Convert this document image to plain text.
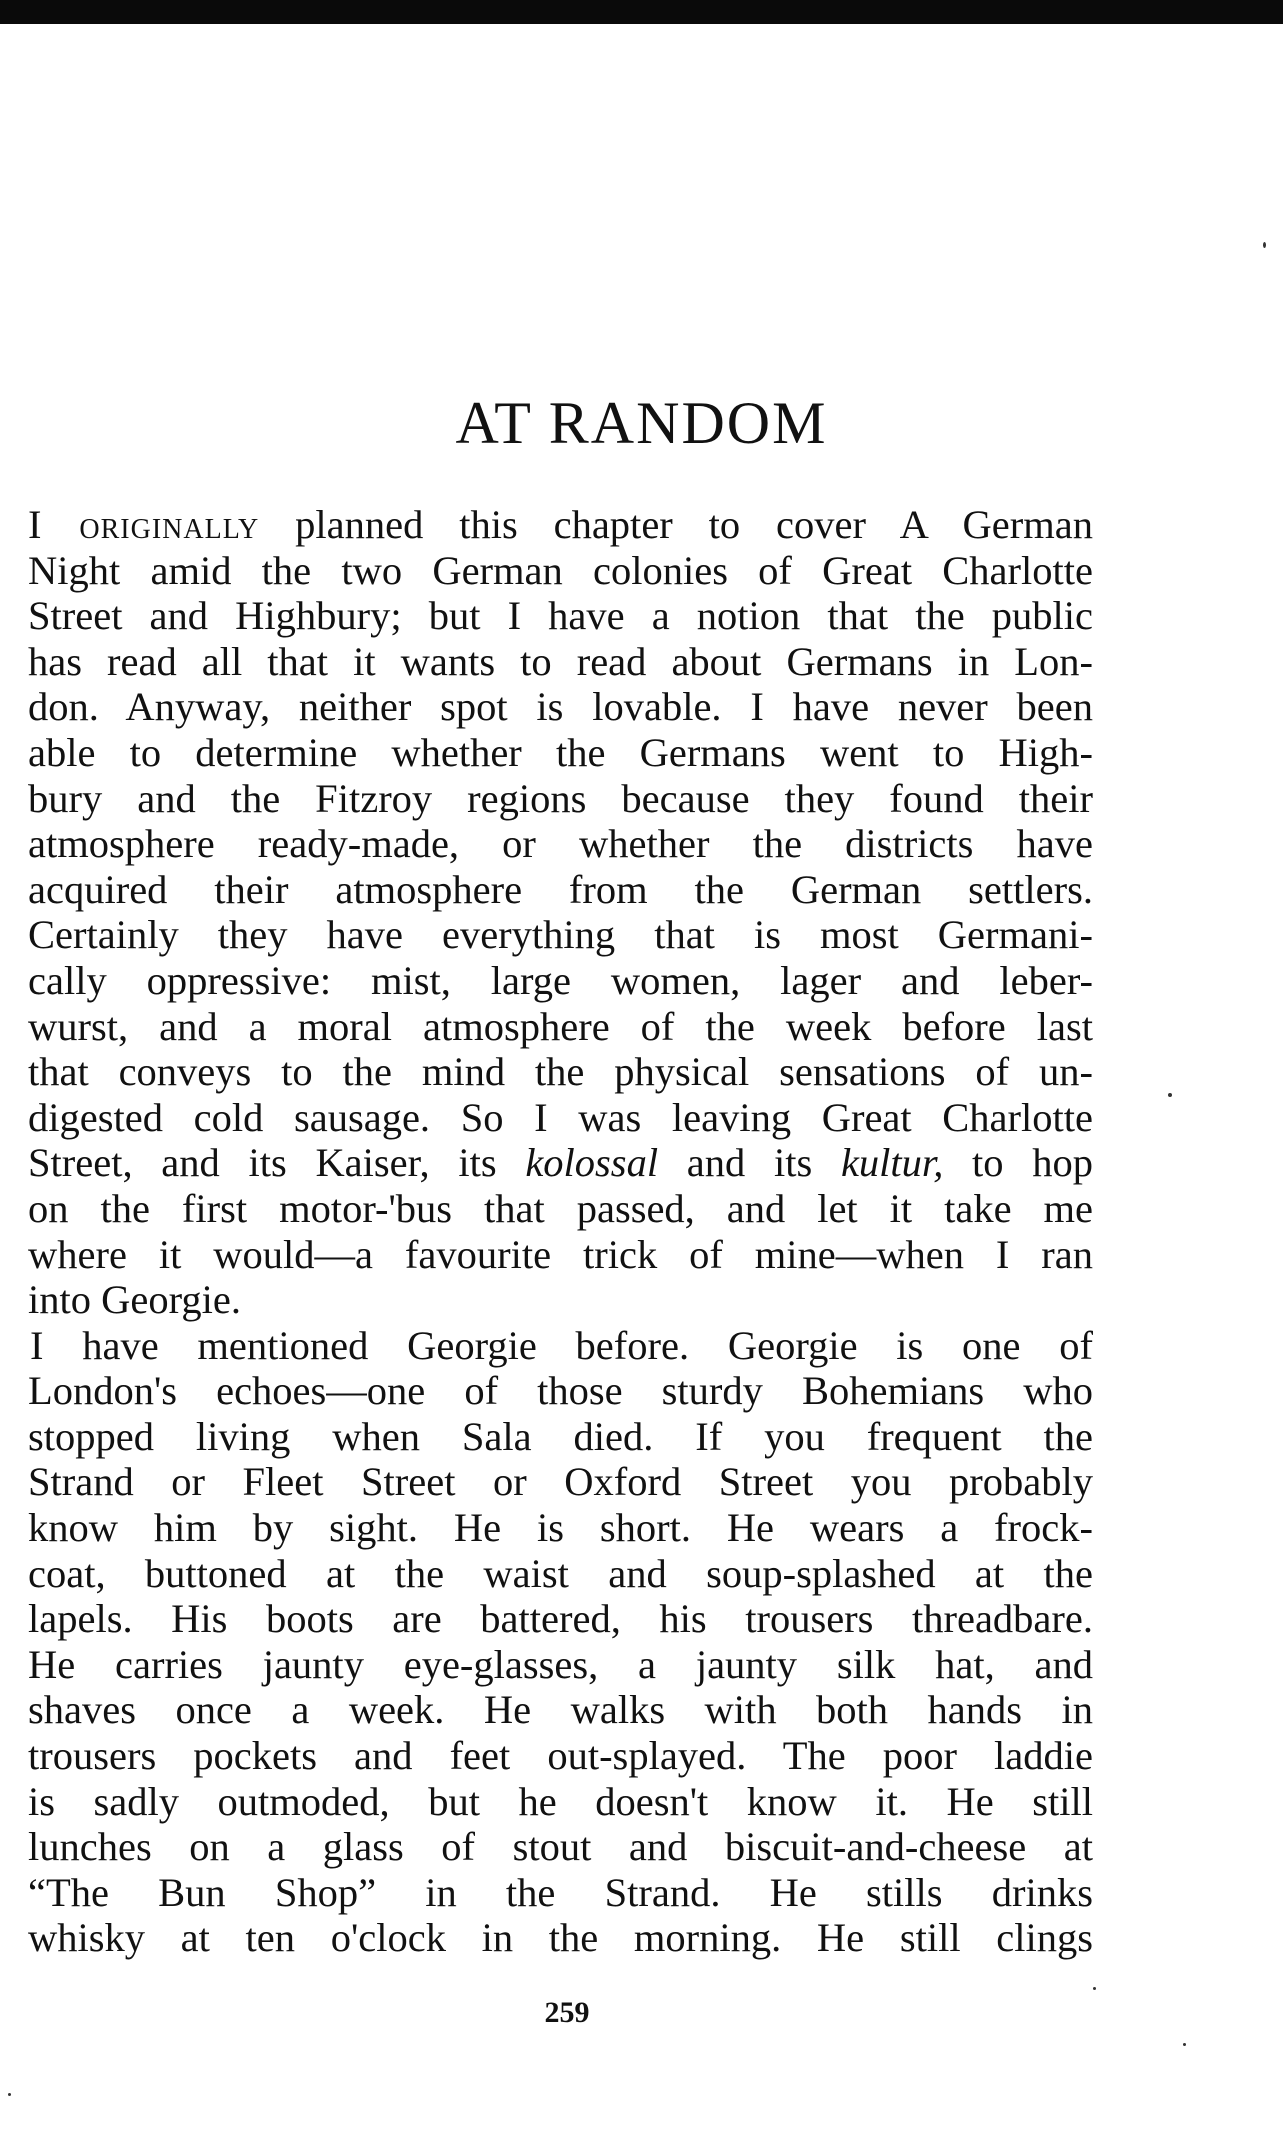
AT RANDOM
I originally planned this chapter to cover A German
Night amid the two German colonies of Great Charlotte
Street and Highbury; but I have a notion that the public
has read all that it wants to read about Germans in Lon-
don. Anyway, neither spot is lovable. I have never been
able to determine whether the Germans went to High-
bury and the Fitzroy regions because they found their
atmosphere ready-made, or whether the districts have
acquired their atmosphere from the German settlers.
Certainly they have everything that is most Germani-
cally oppressive: mist, large women, lager and leber-
wurst, and a moral atmosphere of the week before last
that conveys to the mind the physical sensations of un-
digested cold sausage. So I was leaving Great Charlotte
Street, and its Kaiser, its kolossal and its kultur, to hop
on the first motor-'bus that passed, and let it take me
where it would—a favourite trick of mine—when I ran
into Georgie.
I have mentioned Georgie before. Georgie is one of
London's echoes—one of those sturdy Bohemians who
stopped living when Sala died. If you frequent the
Strand or Fleet Street or Oxford Street you probably
know him by sight. He is short. He wears a frock-
coat, buttoned at the waist and soup-splashed at the
lapels. His boots are battered, his trousers threadbare.
He carries jaunty eye-glasses, a jaunty silk hat, and
shaves once a week. He walks with both hands in
trousers pockets and feet out-splayed. The poor laddie
is sadly outmoded, but he doesn't know it. He still
lunches on a glass of stout and biscuit-and-cheese at
“The Bun Shop” in the Strand. He stills drinks
whisky at ten o'clock in the morning. He still clings
259
